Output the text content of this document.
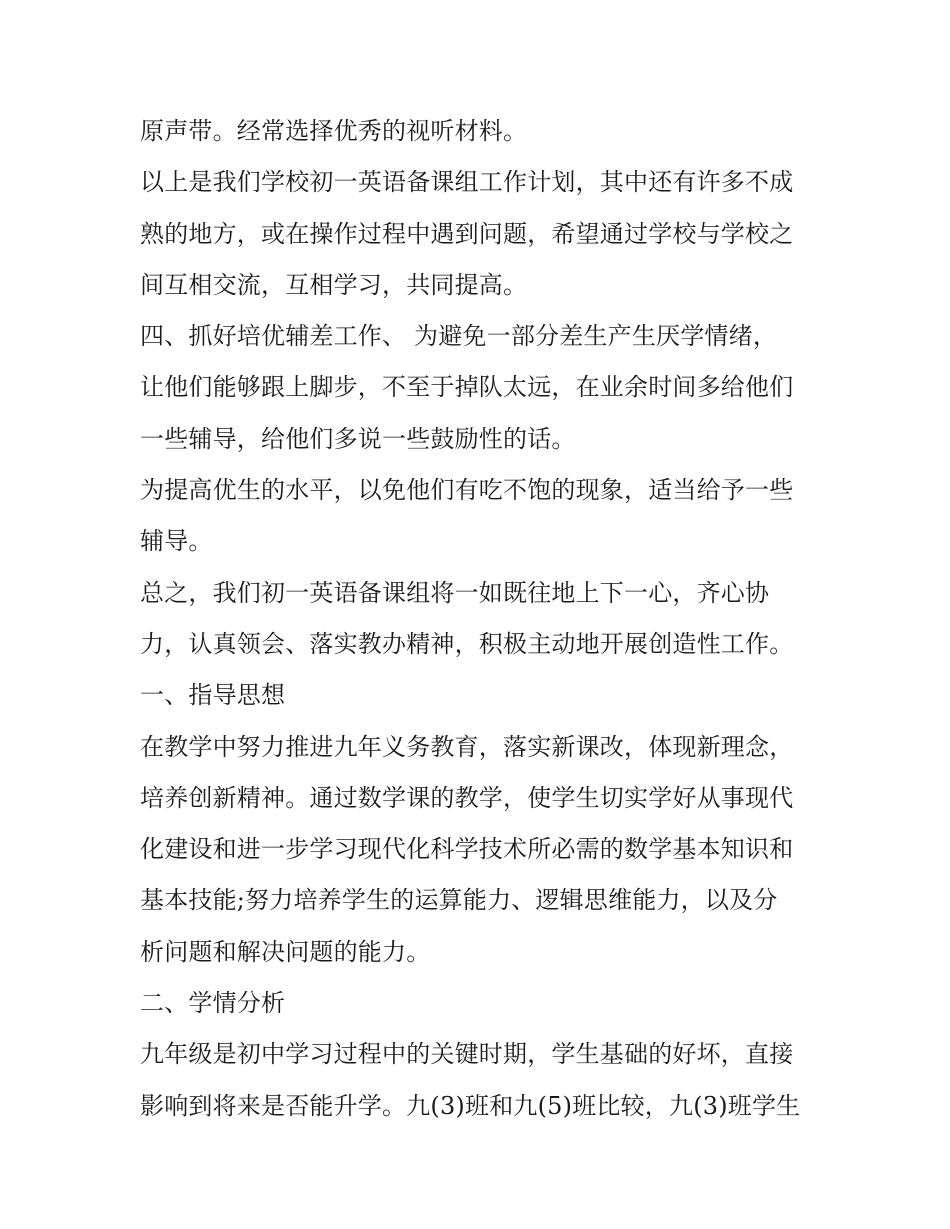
原声带。经常选择优秀的视听材料。
以上是我们学校初一英语备课组工作计划，其中还有许多不成
熟的地方，或在操作过程中遇到问题，希望通过学校与学校之
间互相交流，互相学习，共同提高。
四、抓好培优辅差工作、 为避免一部分差生产生厌学情绪，
让他们能够跟上脚步，不至于掉队太远，在业余时间多给他们
一些辅导，给他们多说一些鼓励性的话。
为提高优生的水平，以免他们有吃不饱的现象，适当给予一些
辅导。
总之，我们初一英语备课组将一如既往地上下一心，齐心协
力，认真领会、落实教办精神，积极主动地开展创造性工作。
一、指导思想
在教学中努力推进九年义务教育，落实新课改，体现新理念，
培养创新精神。通过数学课的教学，使学生切实学好从事现代
化建设和进一步学习现代化科学技术所必需的数学基本知识和
基本技能;努力培养学生的运算能力、逻辑思维能力，以及分
析问题和解决问题的能力。
二、学情分析
九年级是初中学习过程中的关键时期，学生基础的好坏，直接
影响到将来是否能升学。九(3)班和九(5)班比较，九(3)班学生
